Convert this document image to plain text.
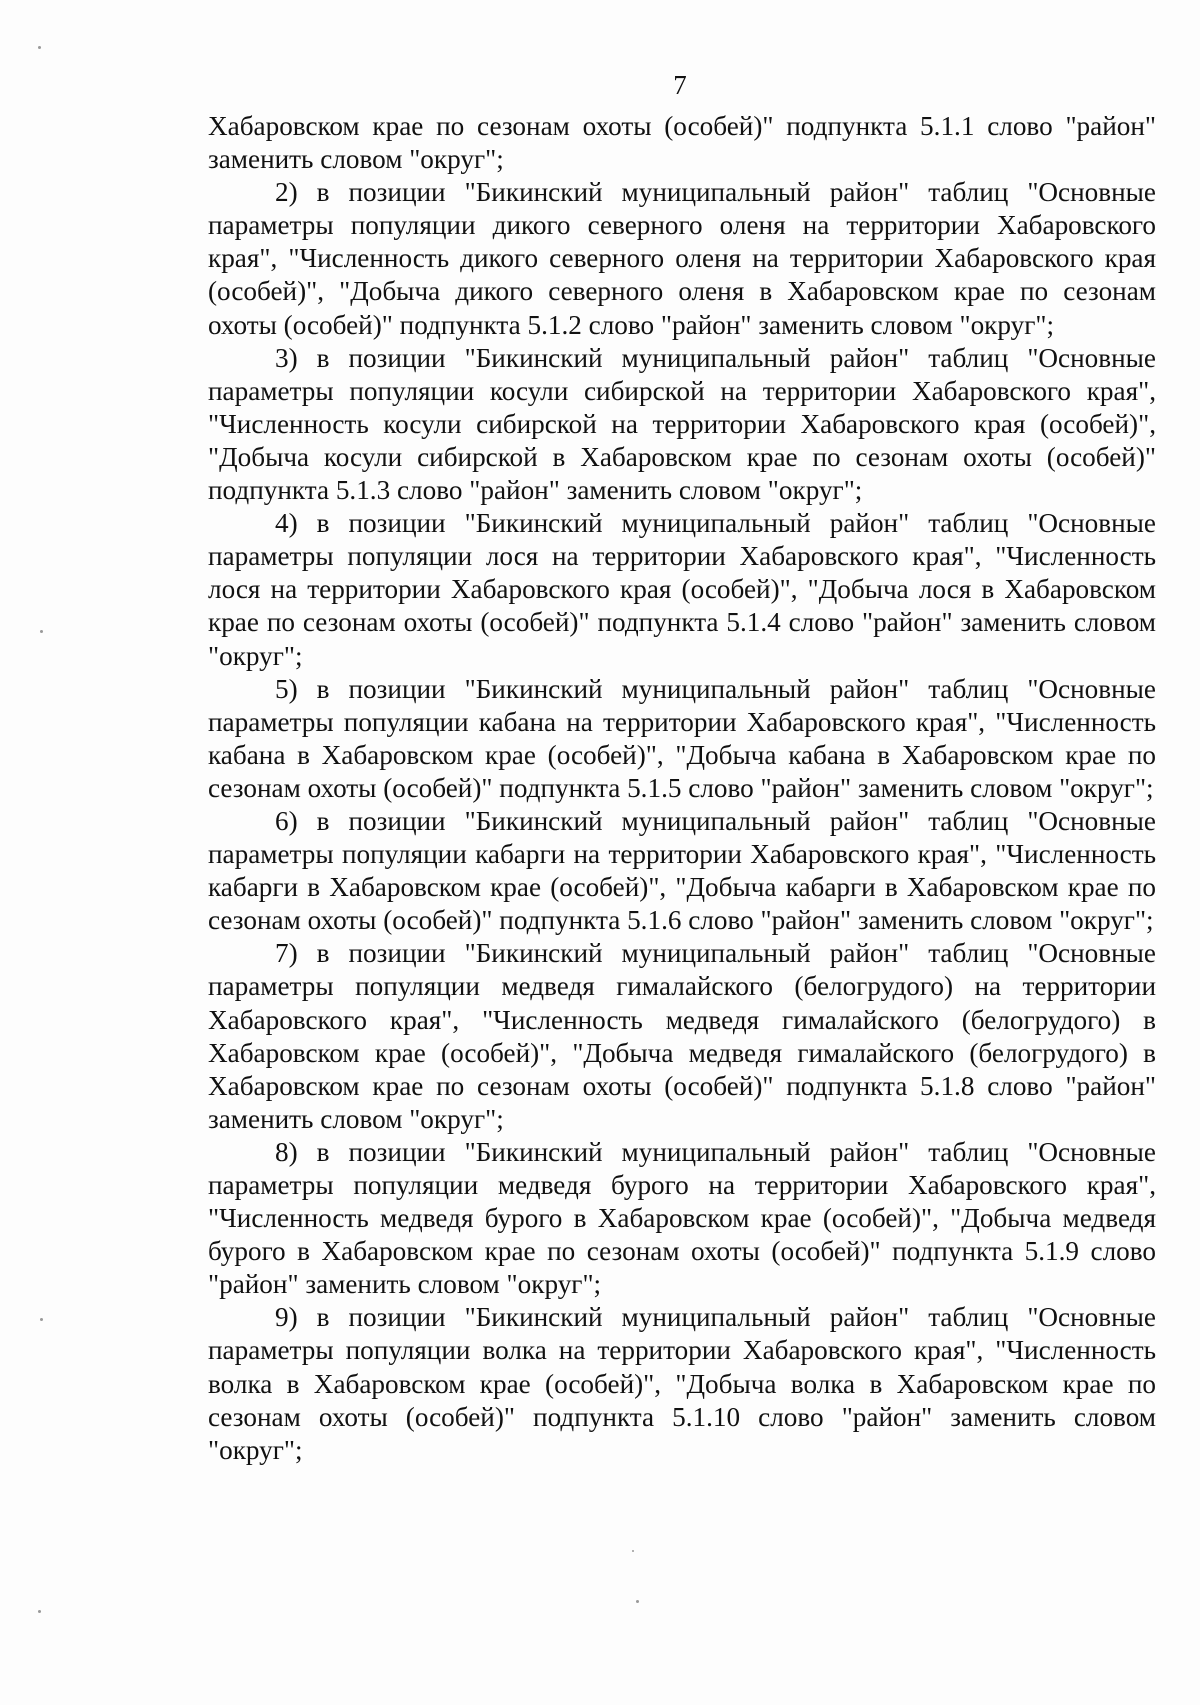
7

Хабаровском крае по сезонам охоты (особей)" подпункта 5.1.1 слово "район" заменить словом "округ";

2) в позиции "Бикинский муниципальный район" таблиц "Основные параметры популяции дикого северного оленя на территории Хабаровского края", "Численность дикого северного оленя на территории Хабаровского края (особей)", "Добыча дикого северного оленя в Хабаровском крае по сезонам охоты (особей)" подпункта 5.1.2 слово "район" заменить словом "округ";

3) в позиции "Бикинский муниципальный район" таблиц "Основные параметры популяции косули сибирской на территории Хабаровского края", "Численность косули сибирской на территории Хабаровского края (особей)", "Добыча косули сибирской в Хабаровском крае по сезонам охоты (особей)" подпункта 5.1.3 слово "район" заменить словом "округ";

4) в позиции "Бикинский муниципальный район" таблиц "Основные параметры популяции лося на территории Хабаровского края", "Численность лося на территории Хабаровского края (особей)", "Добыча лося в Хабаровском крае по сезонам охоты (особей)" подпункта 5.1.4 слово "район" заменить словом "округ";

5) в позиции "Бикинский муниципальный район" таблиц "Основные параметры популяции кабана на территории Хабаровского края", "Численность кабана в Хабаровском крае (особей)", "Добыча кабана в Хабаровском крае по сезонам охоты (особей)" подпункта 5.1.5 слово "район" заменить словом "округ";

6) в позиции "Бикинский муниципальный район" таблиц "Основные параметры популяции кабарги на территории Хабаровского края", "Численность кабарги в Хабаровском крае (особей)", "Добыча кабарги в Хабаровском крае по сезонам охоты (особей)" подпункта 5.1.6 слово "район" заменить словом "округ";

7) в позиции "Бикинский муниципальный район" таблиц "Основные параметры популяции медведя гималайского (белогрудого) на территории Хабаровского края", "Численность медведя гималайского (белогрудого) в Хабаровском крае (особей)", "Добыча медведя гималайского (белогрудого) в Хабаровском крае по сезонам охоты (особей)" подпункта 5.1.8 слово "район" заменить словом "округ";

8) в позиции "Бикинский муниципальный район" таблиц "Основные параметры популяции медведя бурого на территории Хабаровского края", "Численность медведя бурого в Хабаровском крае (особей)", "Добыча медведя бурого в Хабаровском крае по сезонам охоты (особей)" подпункта 5.1.9 слово "район" заменить словом "округ";

9) в позиции "Бикинский муниципальный район" таблиц "Основные параметры популяции волка на территории Хабаровского края", "Численность волка в Хабаровском крае (особей)", "Добыча волка в Хабаровском крае по сезонам охоты (особей)" подпункта 5.1.10 слово "район" заменить словом "округ";
